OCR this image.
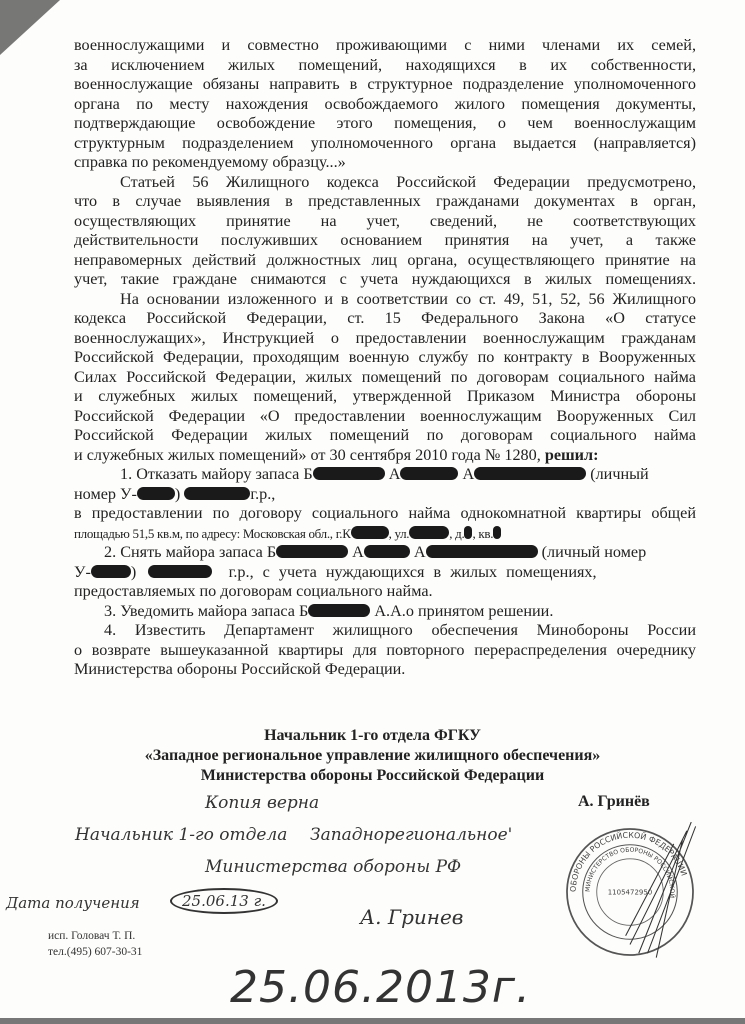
военнослужащими и совместно проживающими с ними членами их семей,
за исключением жилых помещений, находящихся в их собственности,
военнослужащие обязаны направить в структурное подразделение уполномоченного
органа по месту нахождения освобождаемого жилого помещения документы,
подтверждающие освобождение этого помещения, о чем военнослужащим
структурным подразделением уполномоченного органа выдается (направляется)
справка по рекомендуемому образцу...»
Статьей 56 Жилищного кодекса Российской Федерации предусмотрено,
что в случае выявления в представленных гражданами документах в орган,
осуществляющих принятие на учет, сведений, не соответствующих
действительности послуживших основанием принятия на учет, а также
неправомерных действий должностных лиц органа, осуществляющего принятие на
учет, такие граждане снимаются с учета нуждающихся в жилых помещениях.
На основании изложенного и в соответствии со ст. 49, 51, 52, 56 Жилищного
кодекса Российской Федерации, ст. 15 Федерального Закона «О статусе
военнослужащих», Инструкцией о предоставлении военнослужащим гражданам
Российской Федерации, проходящим военную службу по контракту в Вооруженных
Силах Российской Федерации, жилых помещений по договорам социального найма
и служебных жилых помещений, утвержденной Приказом Министра обороны
Российской Федерации «О предоставлении военнослужащим Вооруженных Сил
Российской Федерации жилых помещений по договорам социального найма
и служебных жилых помещений» от 30 сентября 2010 года № 1280, решил:
1. Отказать майору запаса Б	А	А	(личный
номер У- )	г.р.,
в предоставлении по договору социального найма однокомнатной квартиры общей
площадью 51,5 кв.м, по адресу: Московская обл., г.К	, ул.	, д. , кв.
2. Снять майора запаса Б	А	А	(личный номер
У- )	г.р., с учета нуждающихся в жилых помещениях,
предоставляемых по договорам социального найма.
3. Уведомить майора запаса Б	А.А.о принятом решении.
4. Известить Департамент жилищного обеспечения Минобороны России
о возврате вышеуказанной квартиры для повторного перераспределения очереднику
Министерства обороны Российской Федерации.
Начальник 1-го отдела ФГКУ
«Западное региональное управление жилищного обеспечения»
Министерства обороны Российской Федерации
А. Гринёв
ОБОРОНЫ РОССИЙСКОЙ ФЕДЕРАЦИИ
МИНИСТЕРСТВО ОБОРОНЫ РОССИЙСКОЙ
1105472950
Копия верна
Начальник 1-го отдела Западнорегиональное'
Министерства обороны РФ
Дата получения	25.06.13 г.
А. Гринев
исп. Головач Т. П.
тел.(495) 607-30-31
25.06.2013г.
